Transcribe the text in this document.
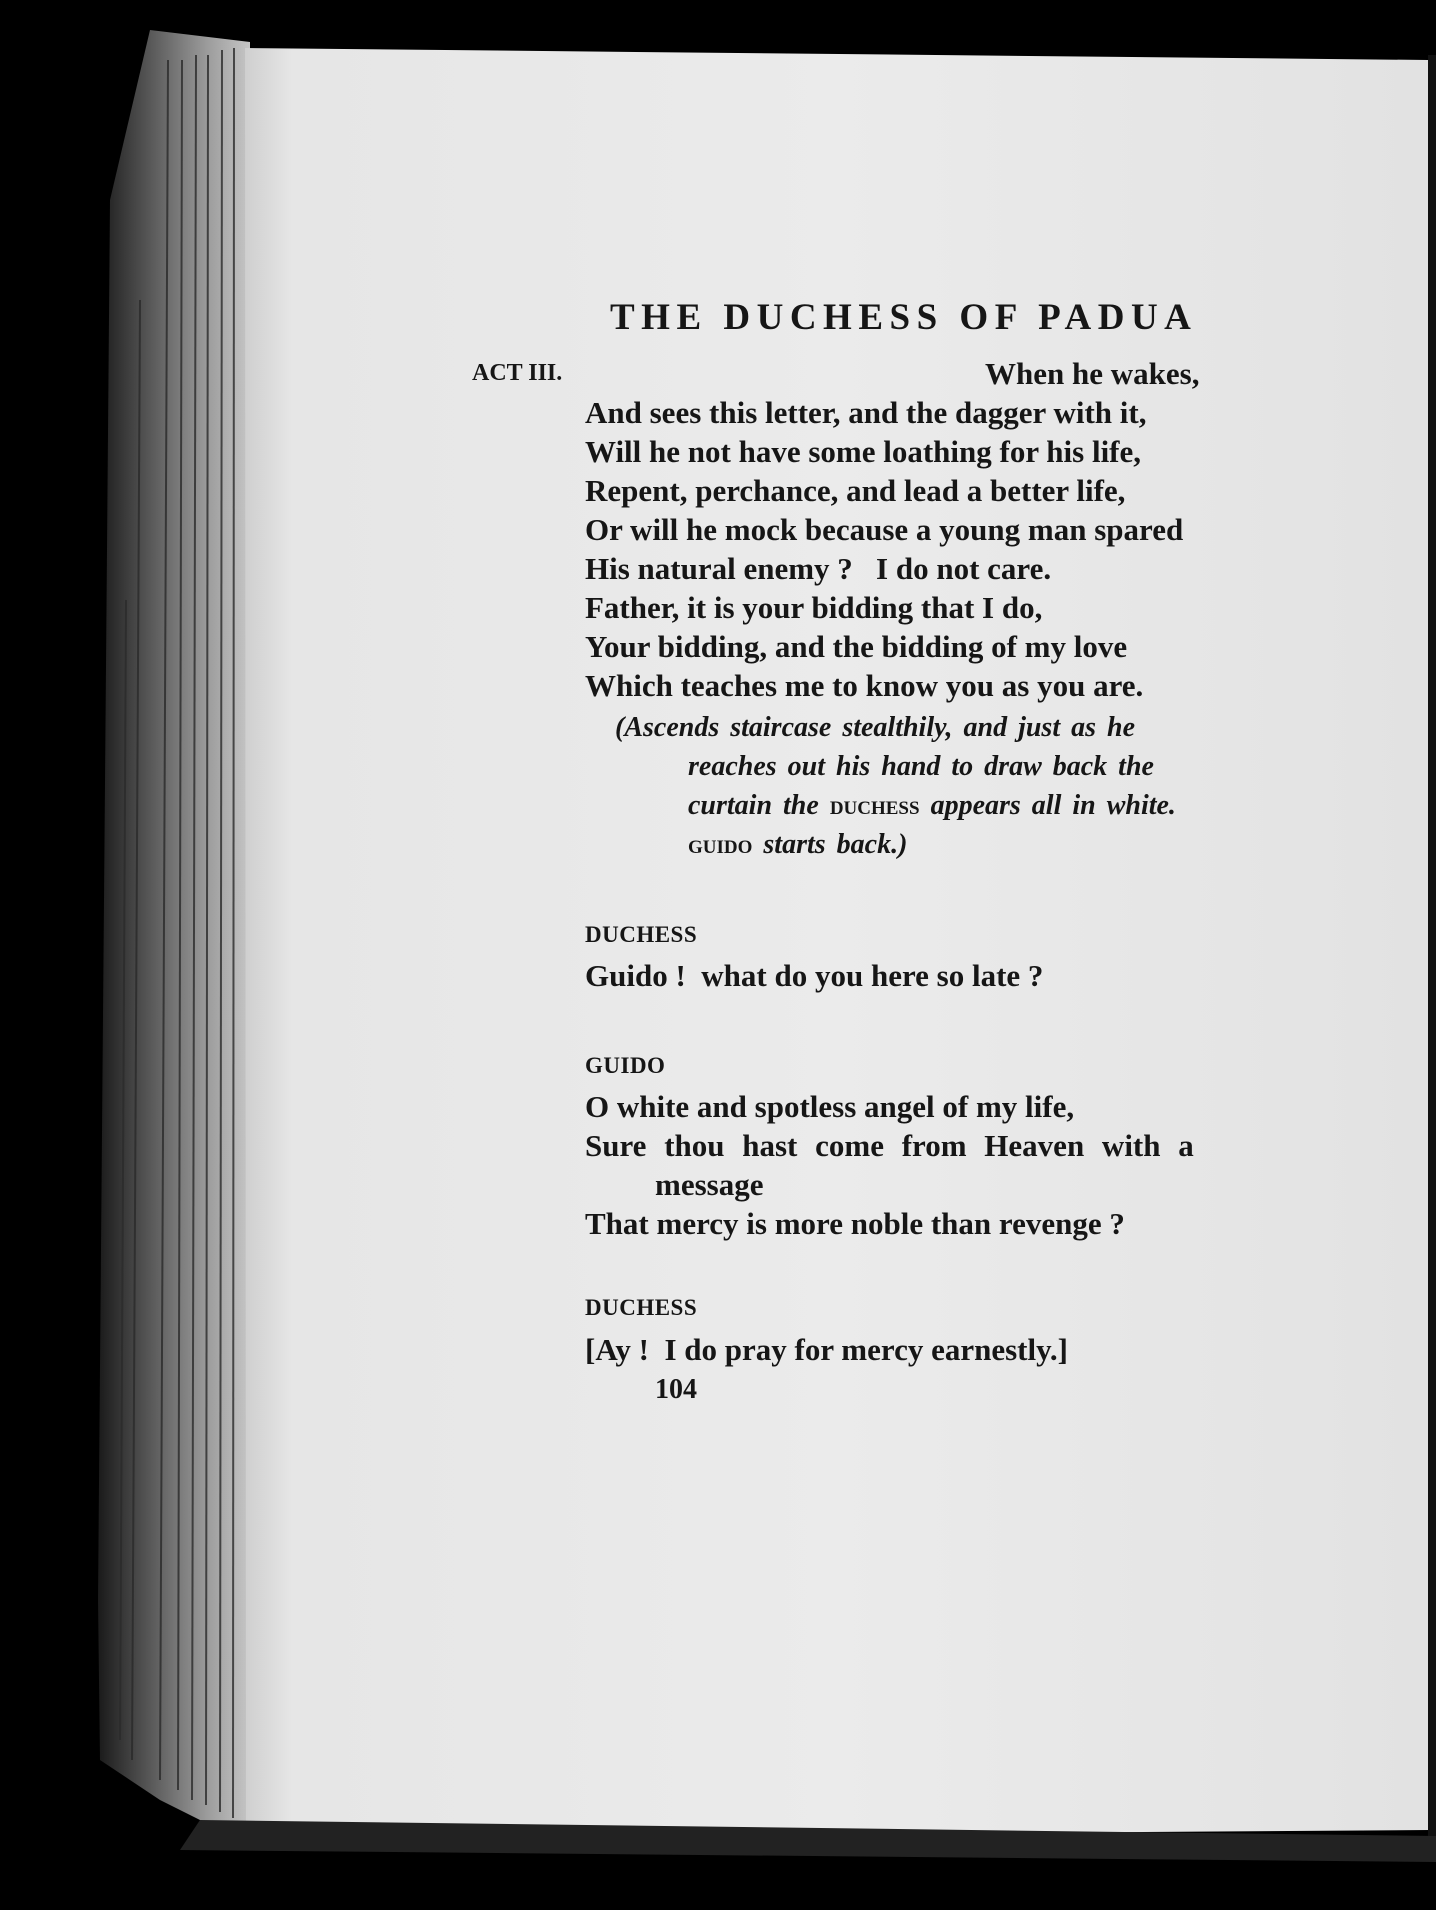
THE DUCHESS OF PADUA
ACT III.	When he wakes,
And sees this letter, and the dagger with it,
Will he not have some loathing for his life,
Repent, perchance, and lead a better life,
Or will he mock because a young man spared
His natural enemy ?   I do not care.
Father, it is your bidding that I do,
Your bidding, and the bidding of my love
Which teaches me to know you as you are.
(Ascends staircase stealthily, and just as he
reaches out his hand to draw back the
curtain the duchess appears all in white.
guido starts back.)
DUCHESS
Guido !  what do you here so late ?
GUIDO
O white and spotless angel of my life,
Sure thou hast come from Heaven with a
message
That mercy is more noble than revenge ?
DUCHESS
[Ay !  I do pray for mercy earnestly.]
104
